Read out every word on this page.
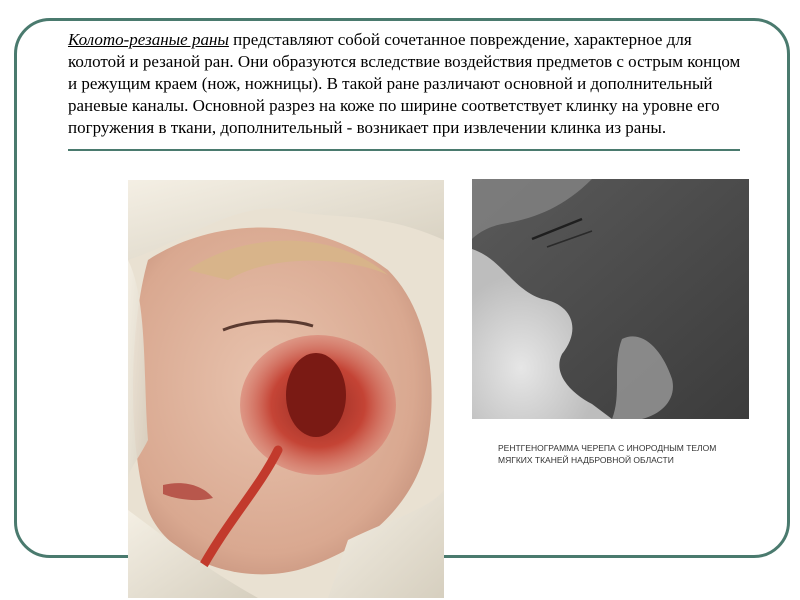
Колото-резаные раны представляют собой сочетанное повреждение, характерное для колотой и резаной ран. Они образуются вследствие воздействия предметов с острым концом и режущим краем (нож, ножницы). В такой ране различают основной и дополнительный раневые каналы. Основной разрез на коже по ширине соответствует клинку на уровне его погружения в ткани, дополнительный - возникает при извлечении клинка из раны.

РЕНТГЕНОГРАММА ЧЕРЕПА С ИНОРОДНЫМ ТЕЛОМ МЯГКИХ ТКАНЕЙ НАДБРОВНОЙ ОБЛАСТИ
